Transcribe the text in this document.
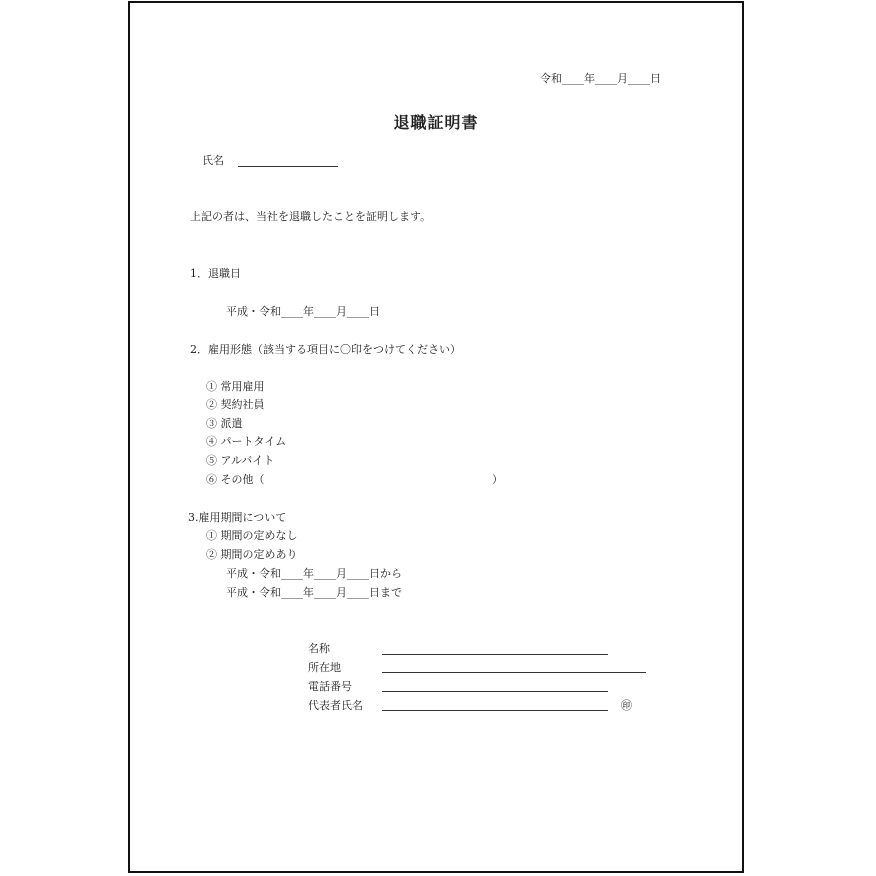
令和____年____月____日
退職証明書
氏名
上記の者は、当社を退職したことを証明します。
1．退職日
平成・令和____年____月____日
2．雇用形態（該当する項目に〇印をつけてください）
① 常用雇用
② 契約社員
③ 派遣
④ パートタイム
⑤ アルバイト
⑥ その他（	）
3.雇用期間について
① 期間の定めなし
② 期間の定めあり
平成・令和____年____月____日から
平成・令和____年____月____日まで
名称
所在地
電話番号
代表者氏名	㊞
